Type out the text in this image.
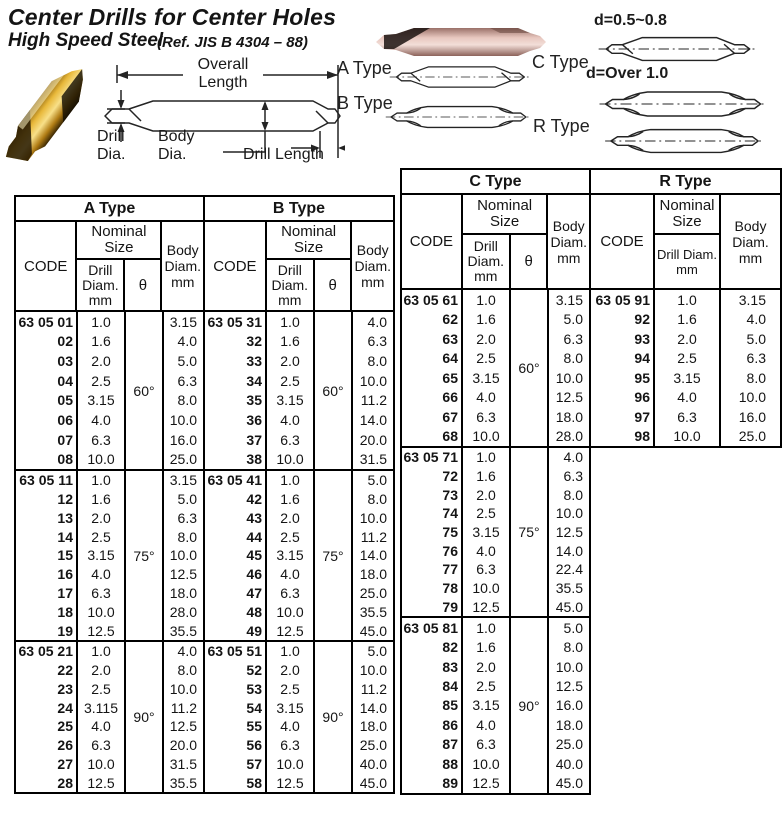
Center Drills for Center Holes
High Speed Steel
(Ref. JIS B 4304 – 88)
Overall Length
Drill Dia.
Body Dia.	Drill Length
A Type
B Type
d=0.5~0.8
C Type
d=Over 1.0
R Type
A Type
CODE
Nominal Size
Drill Diam. mm
θ
Body Diam. mm
63 05 01
02
03
04
05
06
07
08
1.0
1.6
2.0
2.5
3.15
4.0
6.3
10.0
60°
3.15
4.0
5.0
6.3
8.0
10.0
16.0
25.0
63 05 11
12
13
14
15
16
17
18
19
1.0
1.6
2.0
2.5
3.15
4.0
6.3
10.0
12.5
75°
3.15
5.0
6.3
8.0
10.0
12.5
18.0
28.0
35.5
63 05 21
22
23
24
25
26
27
28
1.0
2.0
2.5
3.115
4.0
6.3
10.0
12.5
90°
4.0
8.0
10.0
11.2
12.5
20.0
31.5
35.5
B Type
CODE
Nominal Size
Drill Diam. mm
θ
Body Diam. mm
63 05 31
32
33
34
35
36
37
38
1.0
1.6
2.0
2.5
3.15
4.0
6.3
10.0
60°
4.0
6.3
8.0
10.0
11.2
14.0
20.0
31.5
63 05 41
42
43
44
45
46
47
48
49
1.0
1.6
2.0
2.5
3.15
4.0
6.3
10.0
12.5
75°
5.0
8.0
10.0
11.2
14.0
18.0
25.0
35.5
45.0
63 05 51
52
53
54
55
56
57
58
1.0
2.0
2.5
3.15
4.0
6.3
10.0
12.5
90°
5.0
10.0
11.2
14.0
18.0
25.0
40.0
45.0
C Type
CODE
Nominal Size
Drill Diam. mm
θ
Body Diam. mm
63 05 61
62
63
64
65
66
67
68
1.0
1.6
2.0
2.5
3.15
4.0
6.3
10.0
60°
3.15
5.0
6.3
8.0
10.0
12.5
18.0
28.0
63 05 71
72
73
74
75
76
77
78
79
1.0
1.6
2.0
2.5
3.15
4.0
6.3
10.0
12.5
75°
4.0
6.3
8.0
10.0
12.5
14.0
22.4
35.5
45.0
63 05 81
82
83
84
85
86
87
88
89
1.0
1.6
2.0
2.5
3.15
4.0
6.3
10.0
12.5
90°
5.0
8.0
10.0
12.5
16.0
18.0
25.0
40.0
45.0
R Type
CODE
Nominal Size
Drill Diam. mm
Body Diam. mm
63 05 91
92
93
94
95
96
97
98
1.0
1.6
2.0
2.5
3.15
4.0
6.3
10.0
3.15
4.0
5.0
6.3
8.0
10.0
16.0
25.0
